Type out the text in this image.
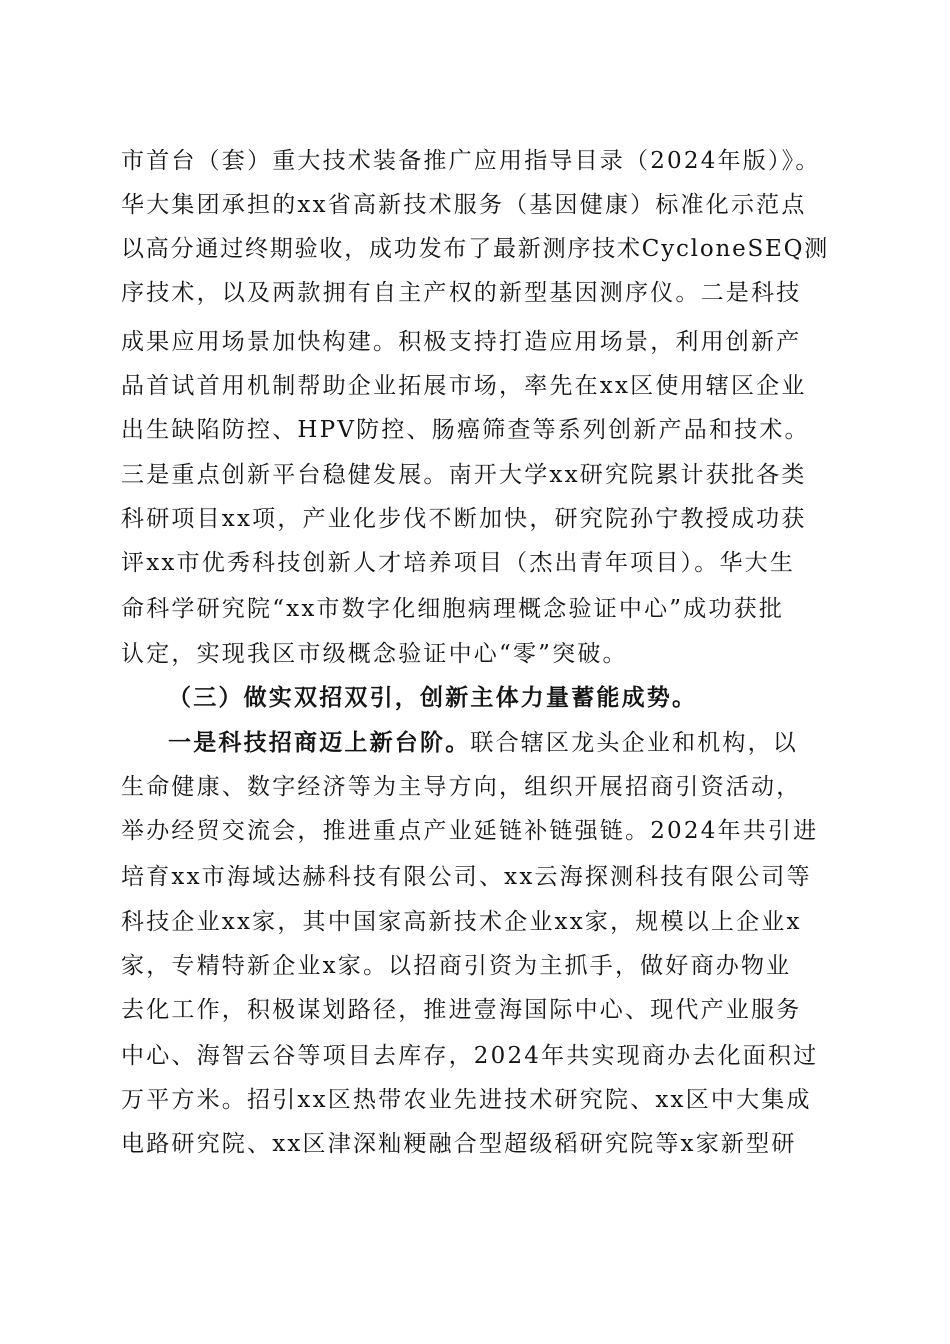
市首台（套）重大技术装备推广应用指导目录（2024年版）》。
华大集团承担的xx省高新技术服务（基因健康）标准化示范点
以高分通过终期验收，成功发布了最新测序技术CycloneSEQ测
序技术，以及两款拥有自主产权的新型基因测序仪。二是科技
成果应用场景加快构建。积极支持打造应用场景，利用创新产
品首试首用机制帮助企业拓展市场，率先在xx区使用辖区企业
出生缺陷防控、HPV防控、肠癌筛查等系列创新产品和技术。
三是重点创新平台稳健发展。南开大学xx研究院累计获批各类
科研项目xx项，产业化步伐不断加快，研究院孙宁教授成功获
评xx市优秀科技创新人才培养项目（杰出青年项目）。华大生
命科学研究院“xx市数字化细胞病理概念验证中心”成功获批
认定，实现我区市级概念验证中心“零”突破。
（三）做实双招双引，创新主体力量蓄能成势。
一是科技招商迈上新台阶。联合辖区龙头企业和机构，以
生命健康、数字经济等为主导方向，组织开展招商引资活动，
举办经贸交流会，推进重点产业延链补链强链。2024年共引进
培育xx市海域达赫科技有限公司、xx云海探测科技有限公司等
科技企业xx家，其中国家高新技术企业xx家，规模以上企业x
家，专精特新企业x家。以招商引资为主抓手，做好商办物业
去化工作，积极谋划路径，推进壹海国际中心、现代产业服务
中心、海智云谷等项目去库存，2024年共实现商办去化面积过
万平方米。招引xx区热带农业先进技术研究院、xx区中大集成
电路研究院、xx区津深籼粳融合型超级稻研究院等x家新型研
